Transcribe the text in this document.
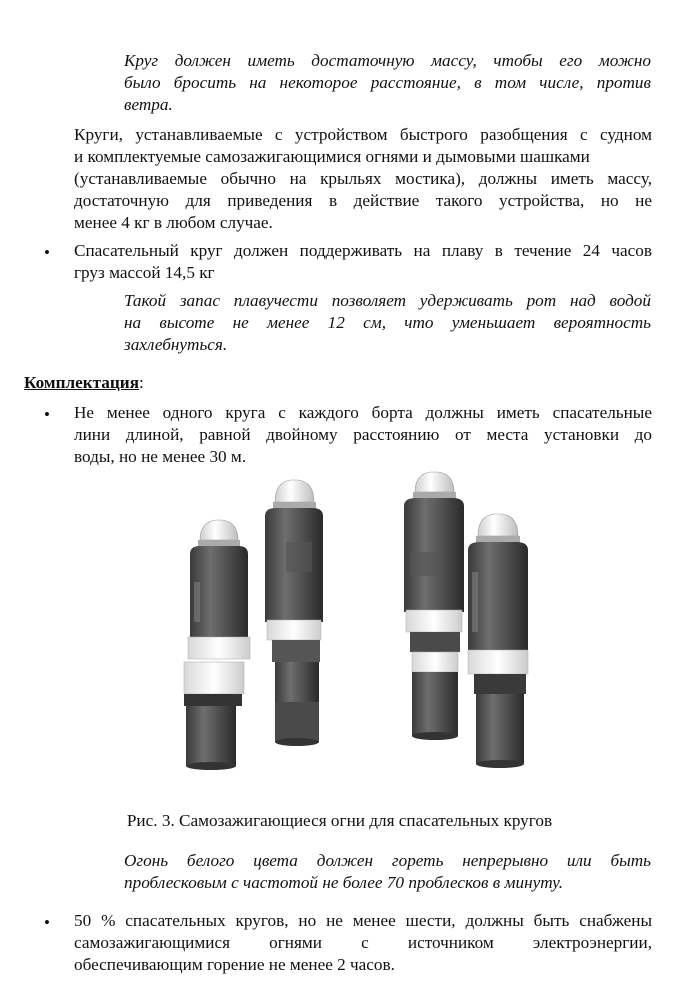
Круг должен иметь достаточную массу, чтобы его можно
было бросить на некоторое расстояние, в том числе, против
ветра.
Круги, устанавливаемые с устройством быстрого разобщения с судном
и комплектуемые самозажигающимися огнями и дымовыми шашками
(устанавливаемые обычно на крыльях мостика), должны иметь массу,
достаточную для приведения в действие такого устройства, но не
менее 4 кг в любом случае.
• Спасательный круг должен поддерживать на плаву в течение 24 часов
груз массой 14,5 кг
Такой запас плавучести позволяет удерживать рот над водой
на высоте не менее 12 см, что уменьшает вероятность
захлебнуться.
Комплектация:
• Не менее одного круга с каждого борта должны иметь спасательные
лини длиной, равной двойному расстоянию от места установки до
воды, но не менее 30 м.
Рис. 3. Самозажигающиеся огни для спасательных кругов
Огонь белого цвета должен гореть непрерывно или быть
проблесковым с частотой не более 70 проблесков в минуту.
• 50 % спасательных кругов, но не менее шести, должны быть снабжены
самозажигающимися огнями с источником электроэнергии,
обеспечивающим горение не менее 2 часов.
